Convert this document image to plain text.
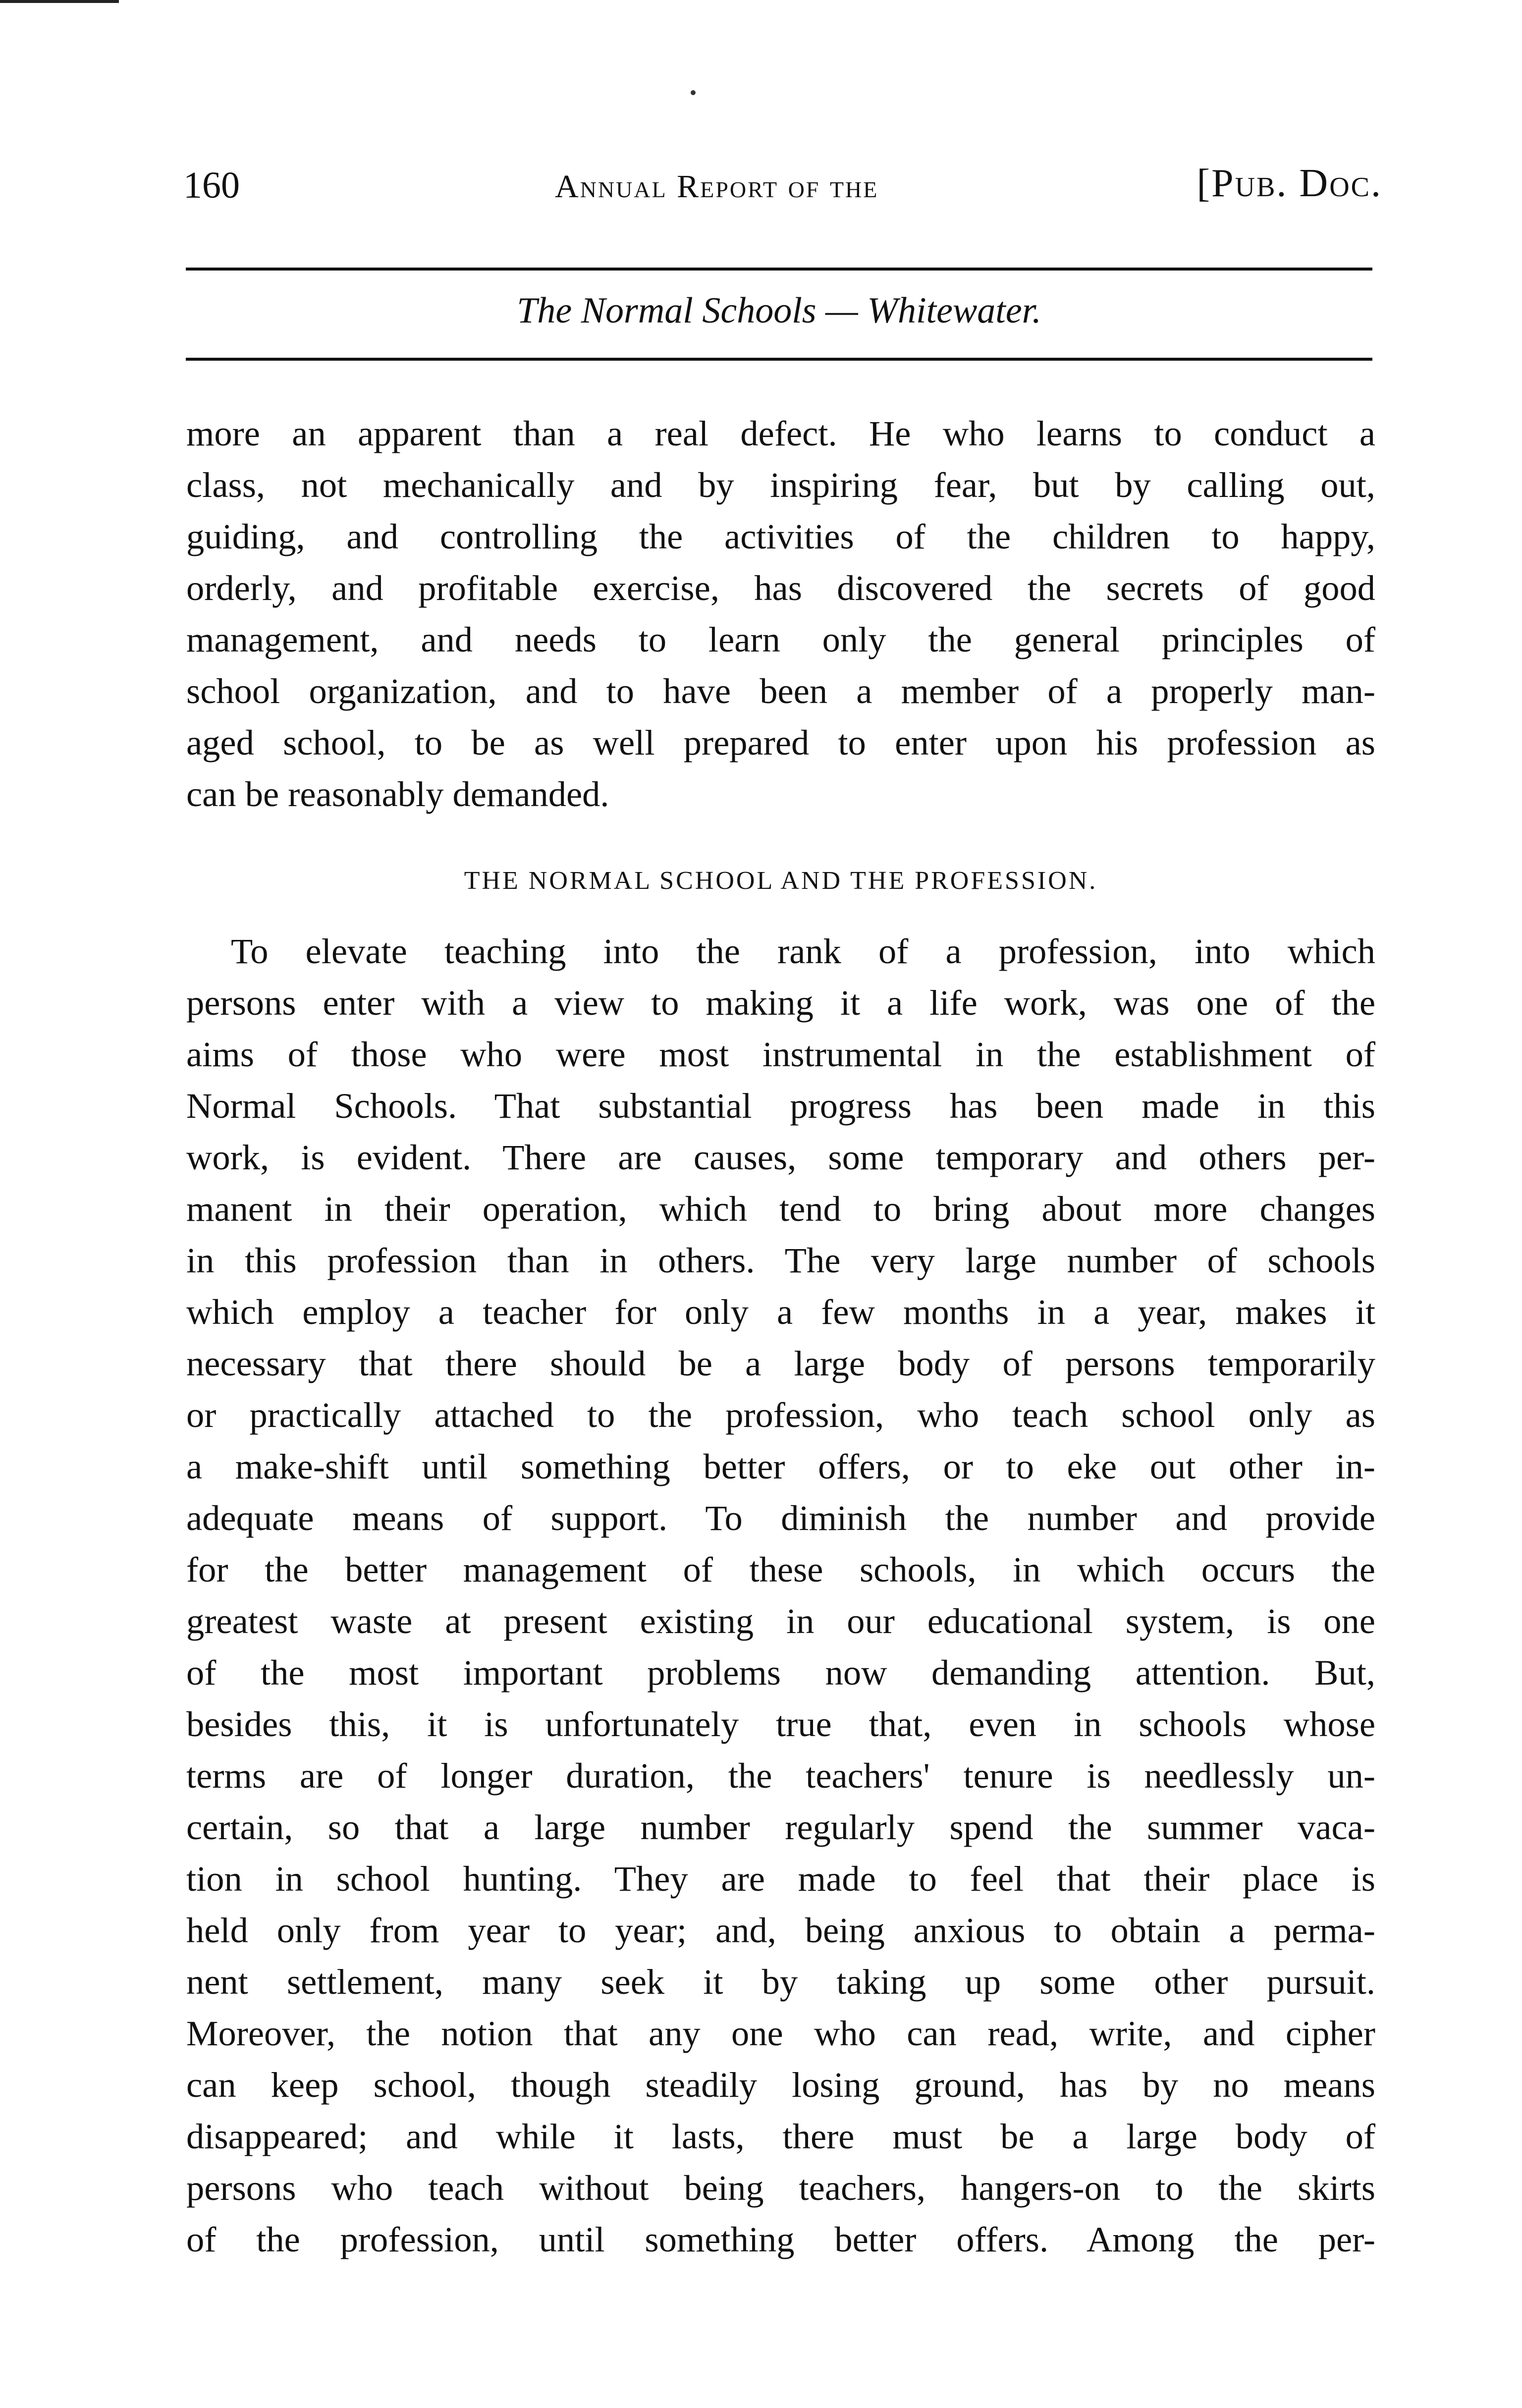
160	Annual Report of the	[Pub. Doc.
The Normal Schools — Whitewater.
more an apparent than a real defect. He who learns to conduct a
class, not mechanically and by inspiring fear, but by calling out,
guiding, and controlling the activities of the children to happy,
orderly, and profitable exercise, has discovered the secrets of good
management, and needs to learn only the general principles of
school organization, and to have been a member of a properly man-
aged school, to be as well prepared to enter upon his profession as
can be reasonably demanded.
THE NORMAL SCHOOL AND THE PROFESSION.
To elevate teaching into the rank of a profession, into which
persons enter with a view to making it a life work, was one of the
aims of those who were most instrumental in the establishment of
Normal Schools. That substantial progress has been made in this
work, is evident. There are causes, some temporary and others per-
manent in their operation, which tend to bring about more changes
in this profession than in others. The very large number of schools
which employ a teacher for only a few months in a year, makes it
necessary that there should be a large body of persons temporarily
or practically attached to the profession, who teach school only as
a make-shift until something better offers, or to eke out other in-
adequate means of support. To diminish the number and provide
for the better management of these schools, in which occurs the
greatest waste at present existing in our educational system, is one
of the most important problems now demanding attention. But,
besides this, it is unfortunately true that, even in schools whose
terms are of longer duration, the teachers' tenure is needlessly un-
certain, so that a large number regularly spend the summer vaca-
tion in school hunting. They are made to feel that their place is
held only from year to year; and, being anxious to obtain a perma-
nent settlement, many seek it by taking up some other pursuit.
Moreover, the notion that any one who can read, write, and cipher
can keep school, though steadily losing ground, has by no means
disappeared; and while it lasts, there must be a large body of
persons who teach without being teachers, hangers-on to the skirts
of the profession, until something better offers. Among the per-
